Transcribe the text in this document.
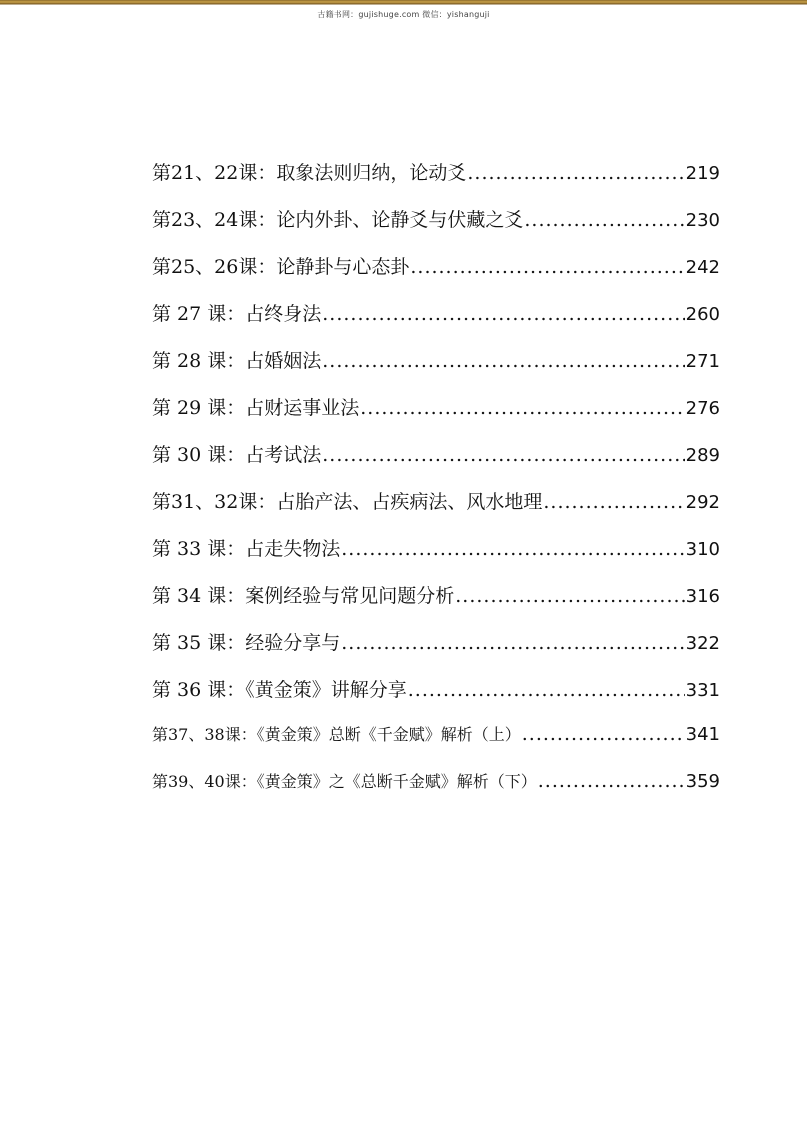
古籍书网：gujishuge.com 微信：yishanguji
第21、22课：取象法则归纳，论动爻 .....	219
第23、24课：论内外卦、论静爻与伏藏之爻 .....	230
第25、26课：论静卦与心态卦 .....	242
第 27 课：占终身法 .....	260
第 28 课：占婚姻法 .....	271
第 29 课：占财运事业法 .....	276
第 30 课：占考试法 .....	289
第31、32课：占胎产法、占疾病法、风水地理 .....	292
第 33 课：占走失物法 .....	310
第 34 课：案例经验与常见问题分析 .....	316
第 35 课：经验分享与 .....	322
第 36 课：《黄金策》讲解分享 .....	331
第37、38课：《黄金策》总断《千金赋》解析（上） .....	341
第39、40课：《黄金策》之《总断千金赋》解析（下） .....	359
